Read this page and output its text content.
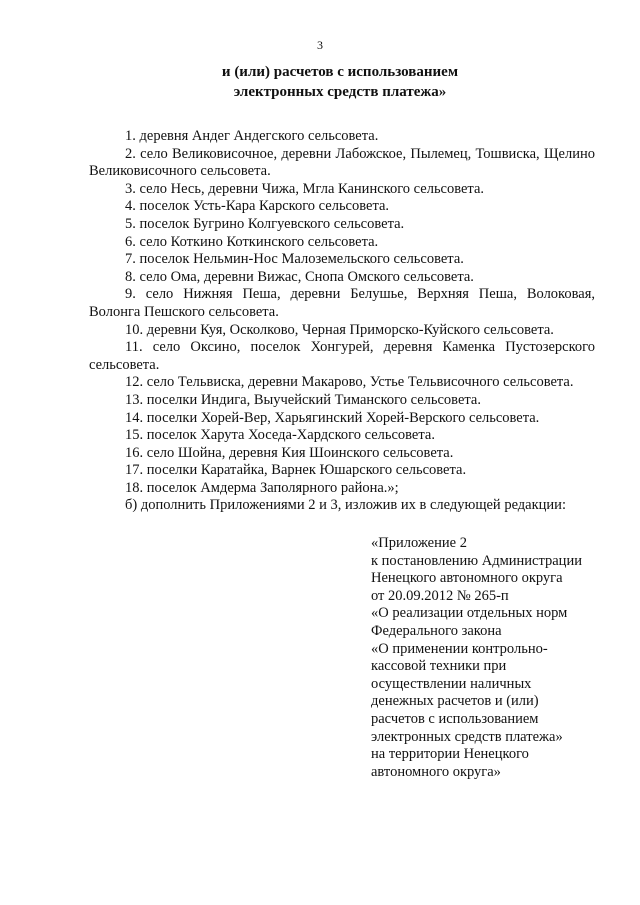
3
и (или) расчетов с использованием
электронных средств платежа»

1. деревня Андег Андегского сельсовета.

2. село Великовисочное, деревни Лабожское, Пылемец, Тошвиска, Щелино Великовисочного сельсовета.

3. село Несь, деревни Чижа, Мгла Канинского сельсовета.

4. поселок Усть-Кара Карского сельсовета.

5. поселок Бугрино Колгуевского сельсовета.

6. село Коткино Коткинского сельсовета.

7. поселок Нельмин-Нос Малоземельского сельсовета.

8. село Ома, деревни Вижас, Снопа Омского сельсовета.

9. село Нижняя Пеша, деревни Белушье, Верхняя Пеша, Волоковая, Волонга Пешского сельсовета.

10. деревни Куя, Осколково, Черная Приморско-Куйского сельсовета.

11. село Оксино, поселок Хонгурей, деревня Каменка Пустозерского сельсовета.

12. село Тельвиска, деревни Макарово, Устье Тельвисочного сельсовета.

13. поселки Индига, Выучейский Тиманского сельсовета.

14. поселки Хорей-Вер, Харьягинский Хорей-Верского сельсовета.

15. поселок Харута Хоседа-Хардского сельсовета.

16. село Шойна, деревня Кия Шоинского сельсовета.

17. поселки Каратайка, Варнек Юшарского сельсовета.

18. поселок Амдерма Заполярного района.»;

б) дополнить Приложениями 2 и 3, изложив их в следующей редакции:

«Приложение 2
к постановлению Администрации
Ненецкого автономного округа
от 20.09.2012 № 265-п
«О реализации отдельных норм
Федерального закона
«О применении контрольно-
кассовой техники при
осуществлении наличных
денежных расчетов и (или)
расчетов с использованием
электронных средств платежа»
на территории Ненецкого
автономного округа»
